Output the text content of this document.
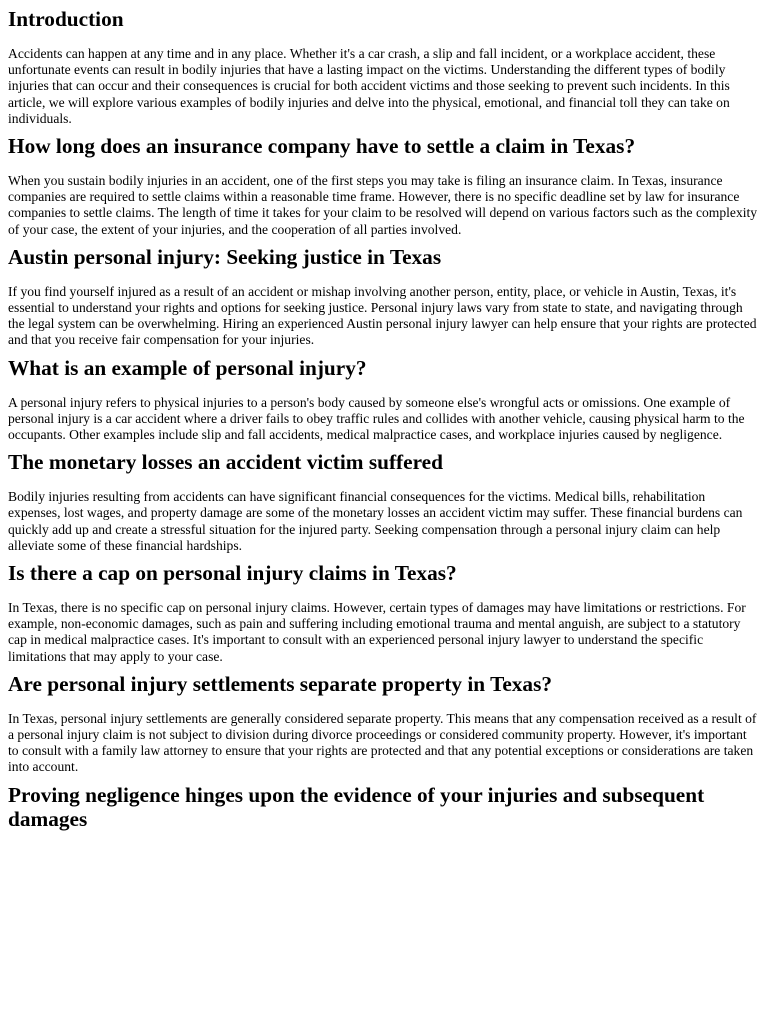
Introduction

Accidents can happen at any time and in any place. Whether it's a car crash, a slip and fall incident, or a workplace accident, these unfortunate events can result in bodily injuries that have a lasting impact on the victims. Understanding the different types of bodily injuries that can occur and their consequences is crucial for both accident victims and those seeking to prevent such incidents. In this article, we will explore various examples of bodily injuries and delve into the physical, emotional, and financial toll they can take on individuals.

How long does an insurance company have to settle a claim in Texas?

When you sustain bodily injuries in an accident, one of the first steps you may take is filing an insurance claim. In Texas, insurance companies are required to settle claims within a reasonable time frame. However, there is no specific deadline set by law for insurance companies to settle claims. The length of time it takes for your claim to be resolved will depend on various factors such as the complexity of your case, the extent of your injuries, and the cooperation of all parties involved.

Austin personal injury: Seeking justice in Texas

If you find yourself injured as a result of an accident or mishap involving another person, entity, place, or vehicle in Austin, Texas, it's essential to understand your rights and options for seeking justice. Personal injury laws vary from state to state, and navigating through the legal system can be overwhelming. Hiring an experienced Austin personal injury lawyer can help ensure that your rights are protected and that you receive fair compensation for your injuries.

What is an example of personal injury?

A personal injury refers to physical injuries to a person's body caused by someone else's wrongful acts or omissions. One example of personal injury is a car accident where a driver fails to obey traffic rules and collides with another vehicle, causing physical harm to the occupants. Other examples include slip and fall accidents, medical malpractice cases, and workplace injuries caused by negligence.

The monetary losses an accident victim suffered

Bodily injuries resulting from accidents can have significant financial consequences for the victims. Medical bills, rehabilitation expenses, lost wages, and property damage are some of the monetary losses an accident victim may suffer. These financial burdens can quickly add up and create a stressful situation for the injured party. Seeking compensation through a personal injury claim can help alleviate some of these financial hardships.

Is there a cap on personal injury claims in Texas?

In Texas, there is no specific cap on personal injury claims. However, certain types of damages may have limitations or restrictions. For example, non-economic damages, such as pain and suffering including emotional trauma and mental anguish, are subject to a statutory cap in medical malpractice cases. It's important to consult with an experienced personal injury lawyer to understand the specific limitations that may apply to your case.

Are personal injury settlements separate property in Texas?

In Texas, personal injury settlements are generally considered separate property. This means that any compensation received as a result of a personal injury claim is not subject to division during divorce proceedings or considered community property. However, it's important to consult with a family law attorney to ensure that your rights are protected and that any potential exceptions or considerations are taken into account.

Proving negligence hinges upon the evidence of your injuries and subsequent damages
